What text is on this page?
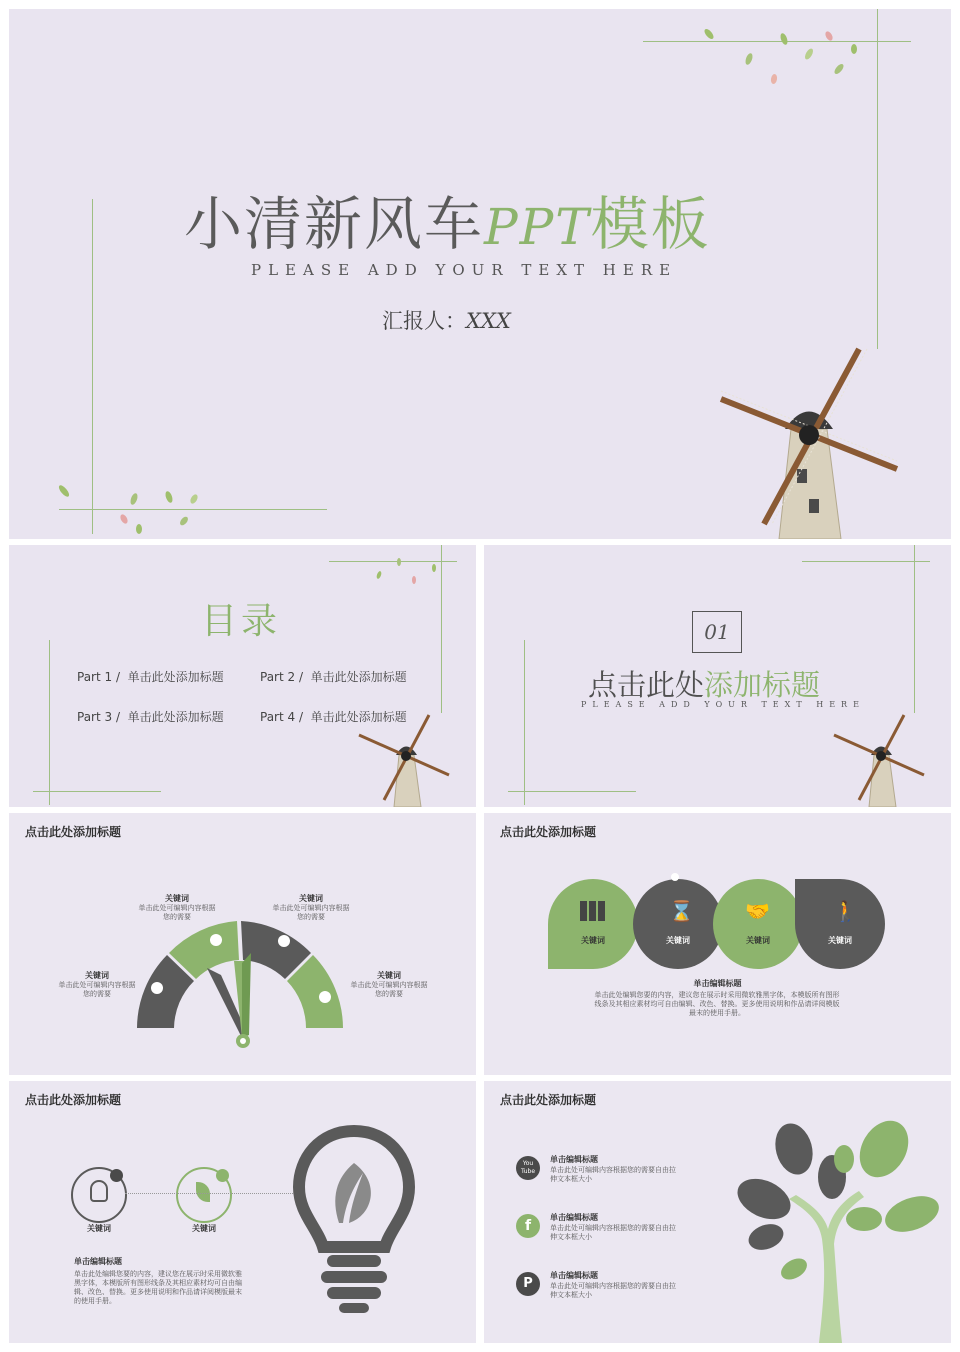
小清新风车PPT模板
PLEASE ADD YOUR TEXT HERE
汇报人：XXX
目录
Part 1 / 单击此处添加标题	Part 2 / 单击此处添加标题
Part 3 / 单击此处添加标题	Part 4 / 单击此处添加标题
01
点击此处添加标题
PLEASE ADD YOUR TEXT HERE
点击此处添加标题
关键词
单击此处可编辑内容根据您的需要
关键词
单击此处可编辑内容根据您的需要
关键词
单击此处可编辑内容根据您的需要
关键词
单击此处可编辑内容根据您的需要
点击此处添加标题
关键词
⌛
关键词
🤝
关键词
🚶
关键词
单击编辑标题
单击此处编辑您要的内容，建议您在展示时采用微软雅黑字体，本模版所有图形线条及其相应素材均可自由编辑、改色、替换。更多使用说明和作品请详阅模版最末的使用手册。
点击此处添加标题
关键词	关键词
单击编辑标题
单击此处编辑您要的内容，建议您在展示时采用微软雅黑字体，本模版所有图形线条及其相应素材均可自由编辑、改色、替换。更多使用说明和作品请详阅模版最末的使用手册。
点击此处添加标题
You Tube
单击编辑标题
单击此处可编辑内容根据您的需要自由拉伸文本框大小
f
单击编辑标题
单击此处可编辑内容根据您的需要自由拉伸文本框大小
P
单击编辑标题
单击此处可编辑内容根据您的需要自由拉伸文本框大小
